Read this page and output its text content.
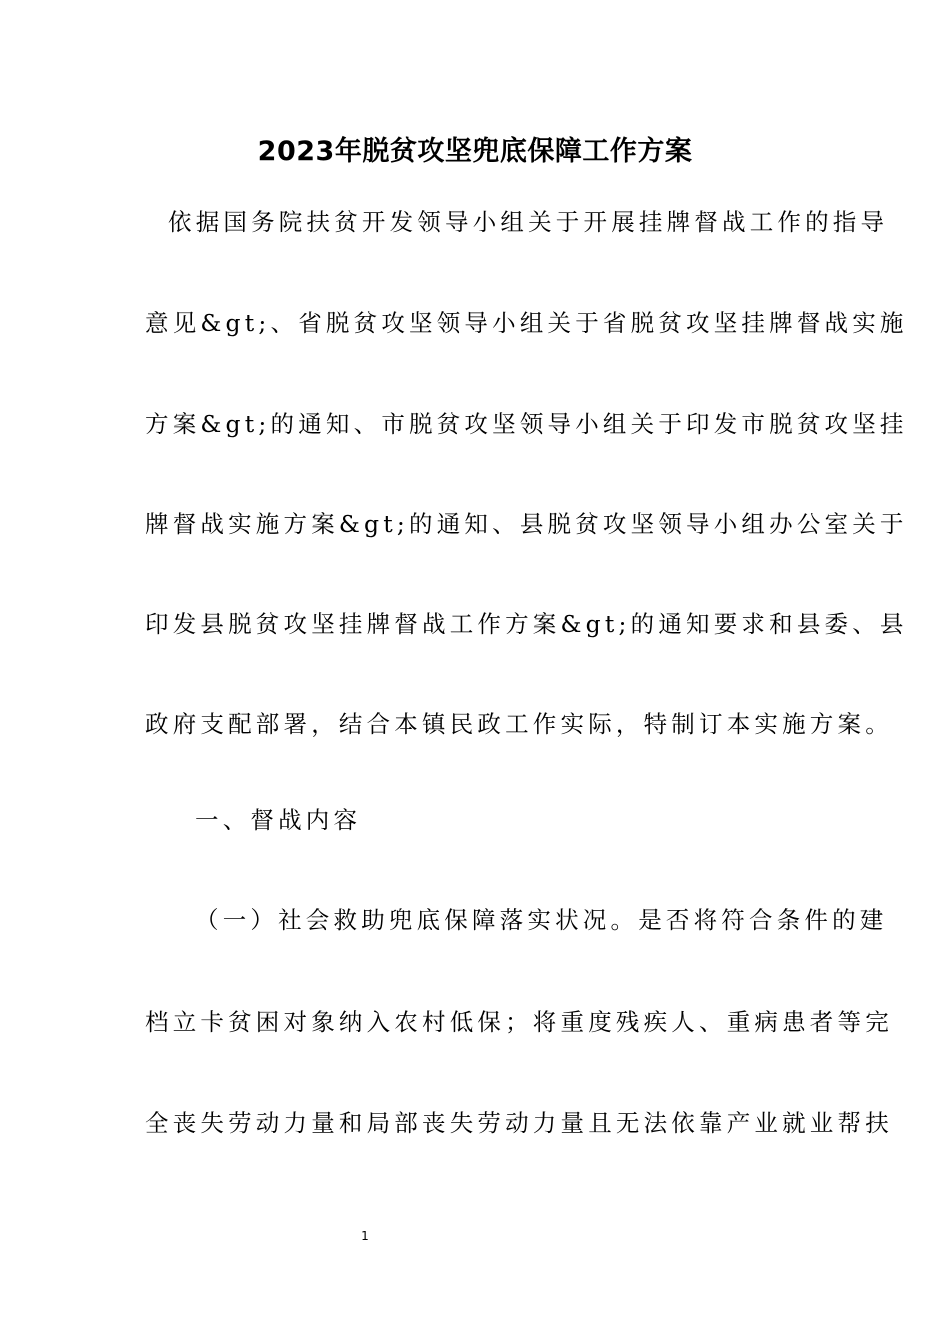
2023年脱贫攻坚兜底保障工作方案
依据国务院扶贫开发领导小组关于开展挂牌督战工作的指导
意见&gt;、省脱贫攻坚领导小组关于省脱贫攻坚挂牌督战实施
方案&gt;的通知、市脱贫攻坚领导小组关于印发市脱贫攻坚挂
牌督战实施方案&gt;的通知、县脱贫攻坚领导小组办公室关于
印发县脱贫攻坚挂牌督战工作方案&gt;的通知要求和县委、县
政府支配部署，结合本镇民政工作实际，特制订本实施方案。
一、督战内容
（一）社会救助兜底保障落实状况。是否将符合条件的建
档立卡贫困对象纳入农村低保；将重度残疾人、重病患者等完
全丧失劳动力量和局部丧失劳动力量且无法依靠产业就业帮扶
1
